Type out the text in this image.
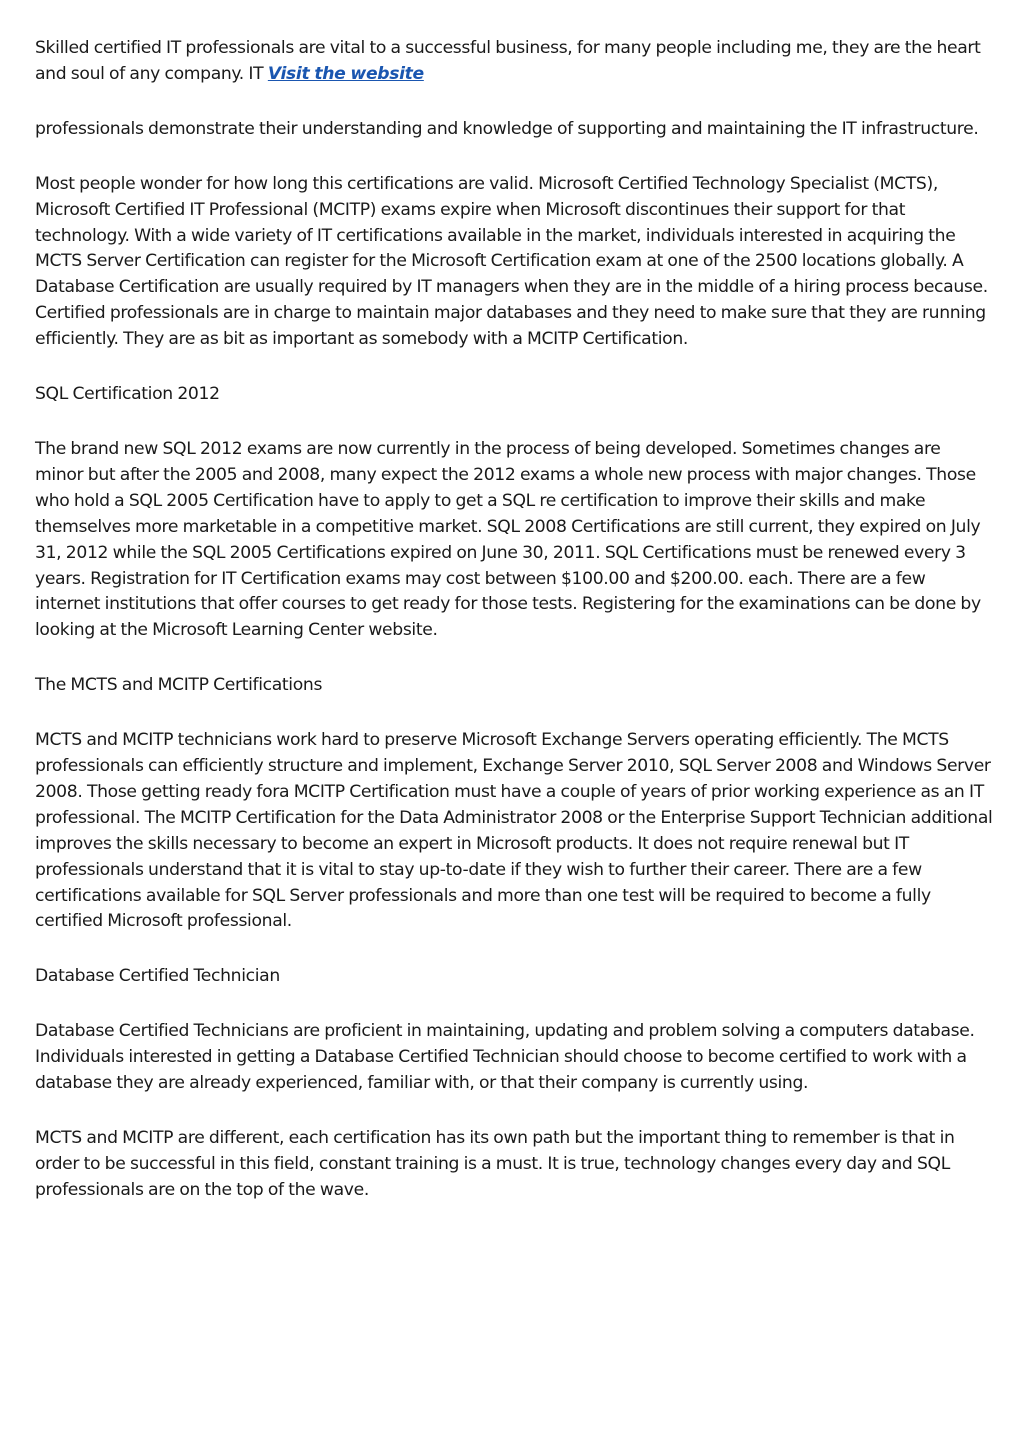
Skilled certified IT professionals are vital to a successful business, for many people including me, they are the heart and soul of any company. IT Visit the website

professionals demonstrate their understanding and knowledge of supporting and maintaining the IT infrastructure.

Most people wonder for how long this certifications are valid. Microsoft Certified Technology Specialist (MCTS), Microsoft Certified IT Professional (MCITP) exams expire when Microsoft discontinues their support for that technology. With a wide variety of IT certifications available in the market, individuals interested in acquiring the MCTS Server Certification can register for the Microsoft Certification exam at one of the 2500 locations globally. A Database Certification are usually required by IT managers when they are in the middle of a hiring process because. Certified professionals are in charge to maintain major databases and they need to make sure that they are running efficiently. They are as bit as important as somebody with a MCITP Certification.

SQL Certification 2012

The brand new SQL 2012 exams are now currently in the process of being developed. Sometimes changes are minor but after the 2005 and 2008, many expect the 2012 exams a whole new process with major changes. Those who hold a SQL 2005 Certification have to apply to get a SQL re certification to improve their skills and make themselves more marketable in a competitive market. SQL 2008 Certifications are still current, they expired on July 31, 2012 while the SQL 2005 Certifications expired on June 30, 2011. SQL Certifications must be renewed every 3 years. Registration for IT Certification exams may cost between $100.00 and $200.00. each. There are a few internet institutions that offer courses to get ready for those tests. Registering for the examinations can be done by looking at the Microsoft Learning Center website.

The MCTS and MCITP Certifications

MCTS and MCITP technicians work hard to preserve Microsoft Exchange Servers operating efficiently. The MCTS professionals can efficiently structure and implement, Exchange Server 2010, SQL Server 2008 and Windows Server 2008. Those getting ready fora MCITP Certification must have a couple of years of prior working experience as an IT professional. The MCITP Certification for the Data Administrator 2008 or the Enterprise Support Technician additional improves the skills necessary to become an expert in Microsoft products. It does not require renewal but IT professionals understand that it is vital to stay up-to-date if they wish to further their career. There are a few certifications available for SQL Server professionals and more than one test will be required to become a fully certified Microsoft professional.

Database Certified Technician

Database Certified Technicians are proficient in maintaining, updating and problem solving a computers database. Individuals interested in getting a Database Certified Technician should choose to become certified to work with a database they are already experienced, familiar with, or that their company is currently using.

MCTS and MCITP are different, each certification has its own path but the important thing to remember is that in order to be successful in this field, constant training is a must. It is true, technology changes every day and SQL professionals are on the top of the wave.
